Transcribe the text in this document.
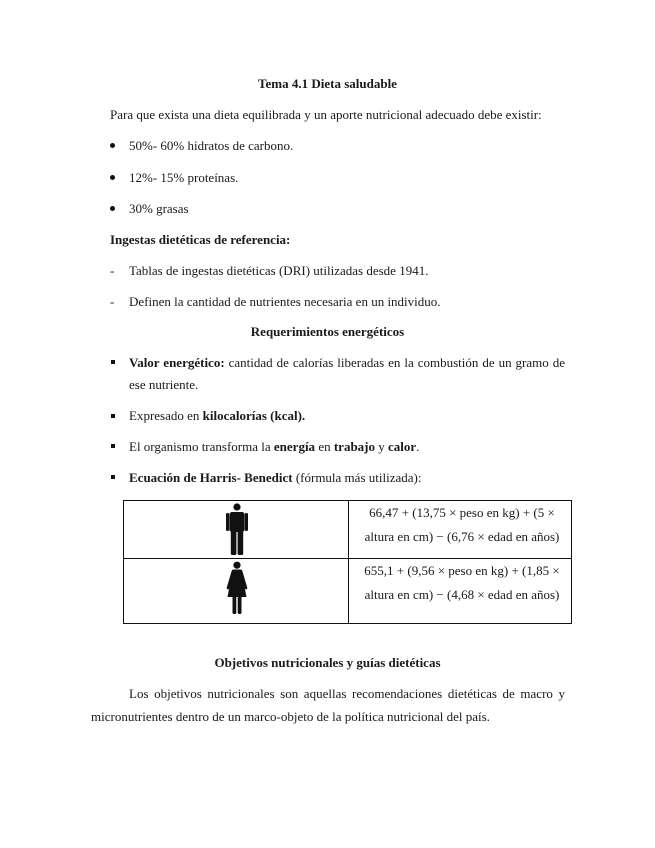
Tema 4.1 Dieta saludable
Para que exista una dieta equilibrada y un aporte nutricional adecuado debe existir:
50%- 60% hidratos de carbono.
12%- 15% proteínas.
30% grasas
Ingestas dietéticas de referencia:
- Tablas de ingestas dietéticas (DRI) utilizadas desde 1941.
- Definen la cantidad de nutrientes necesaria en un individuo.
Requerimientos energéticos
Valor energético: cantidad de calorías liberadas en la combustión de un gramo de
ese nutriente.
Expresado en kilocalorías (kcal).
El organismo transforma la energía en trabajo y calor.
Ecuación de Harris- Benedict (fórmula más utilizada):

66,47 + (13,75 × peso en kg) + (5 ×
altura en cm) − (6,76 × edad en años)

655,1 + (9,56 × peso en kg) + (1,85 ×
altura en cm) − (4,68 × edad en años)
Objetivos nutricionales y guías dietéticas
Los objetivos nutricionales son aquellas recomendaciones dietéticas de macro y
micronutrientes dentro de un marco-objeto de la política nutricional del país.
